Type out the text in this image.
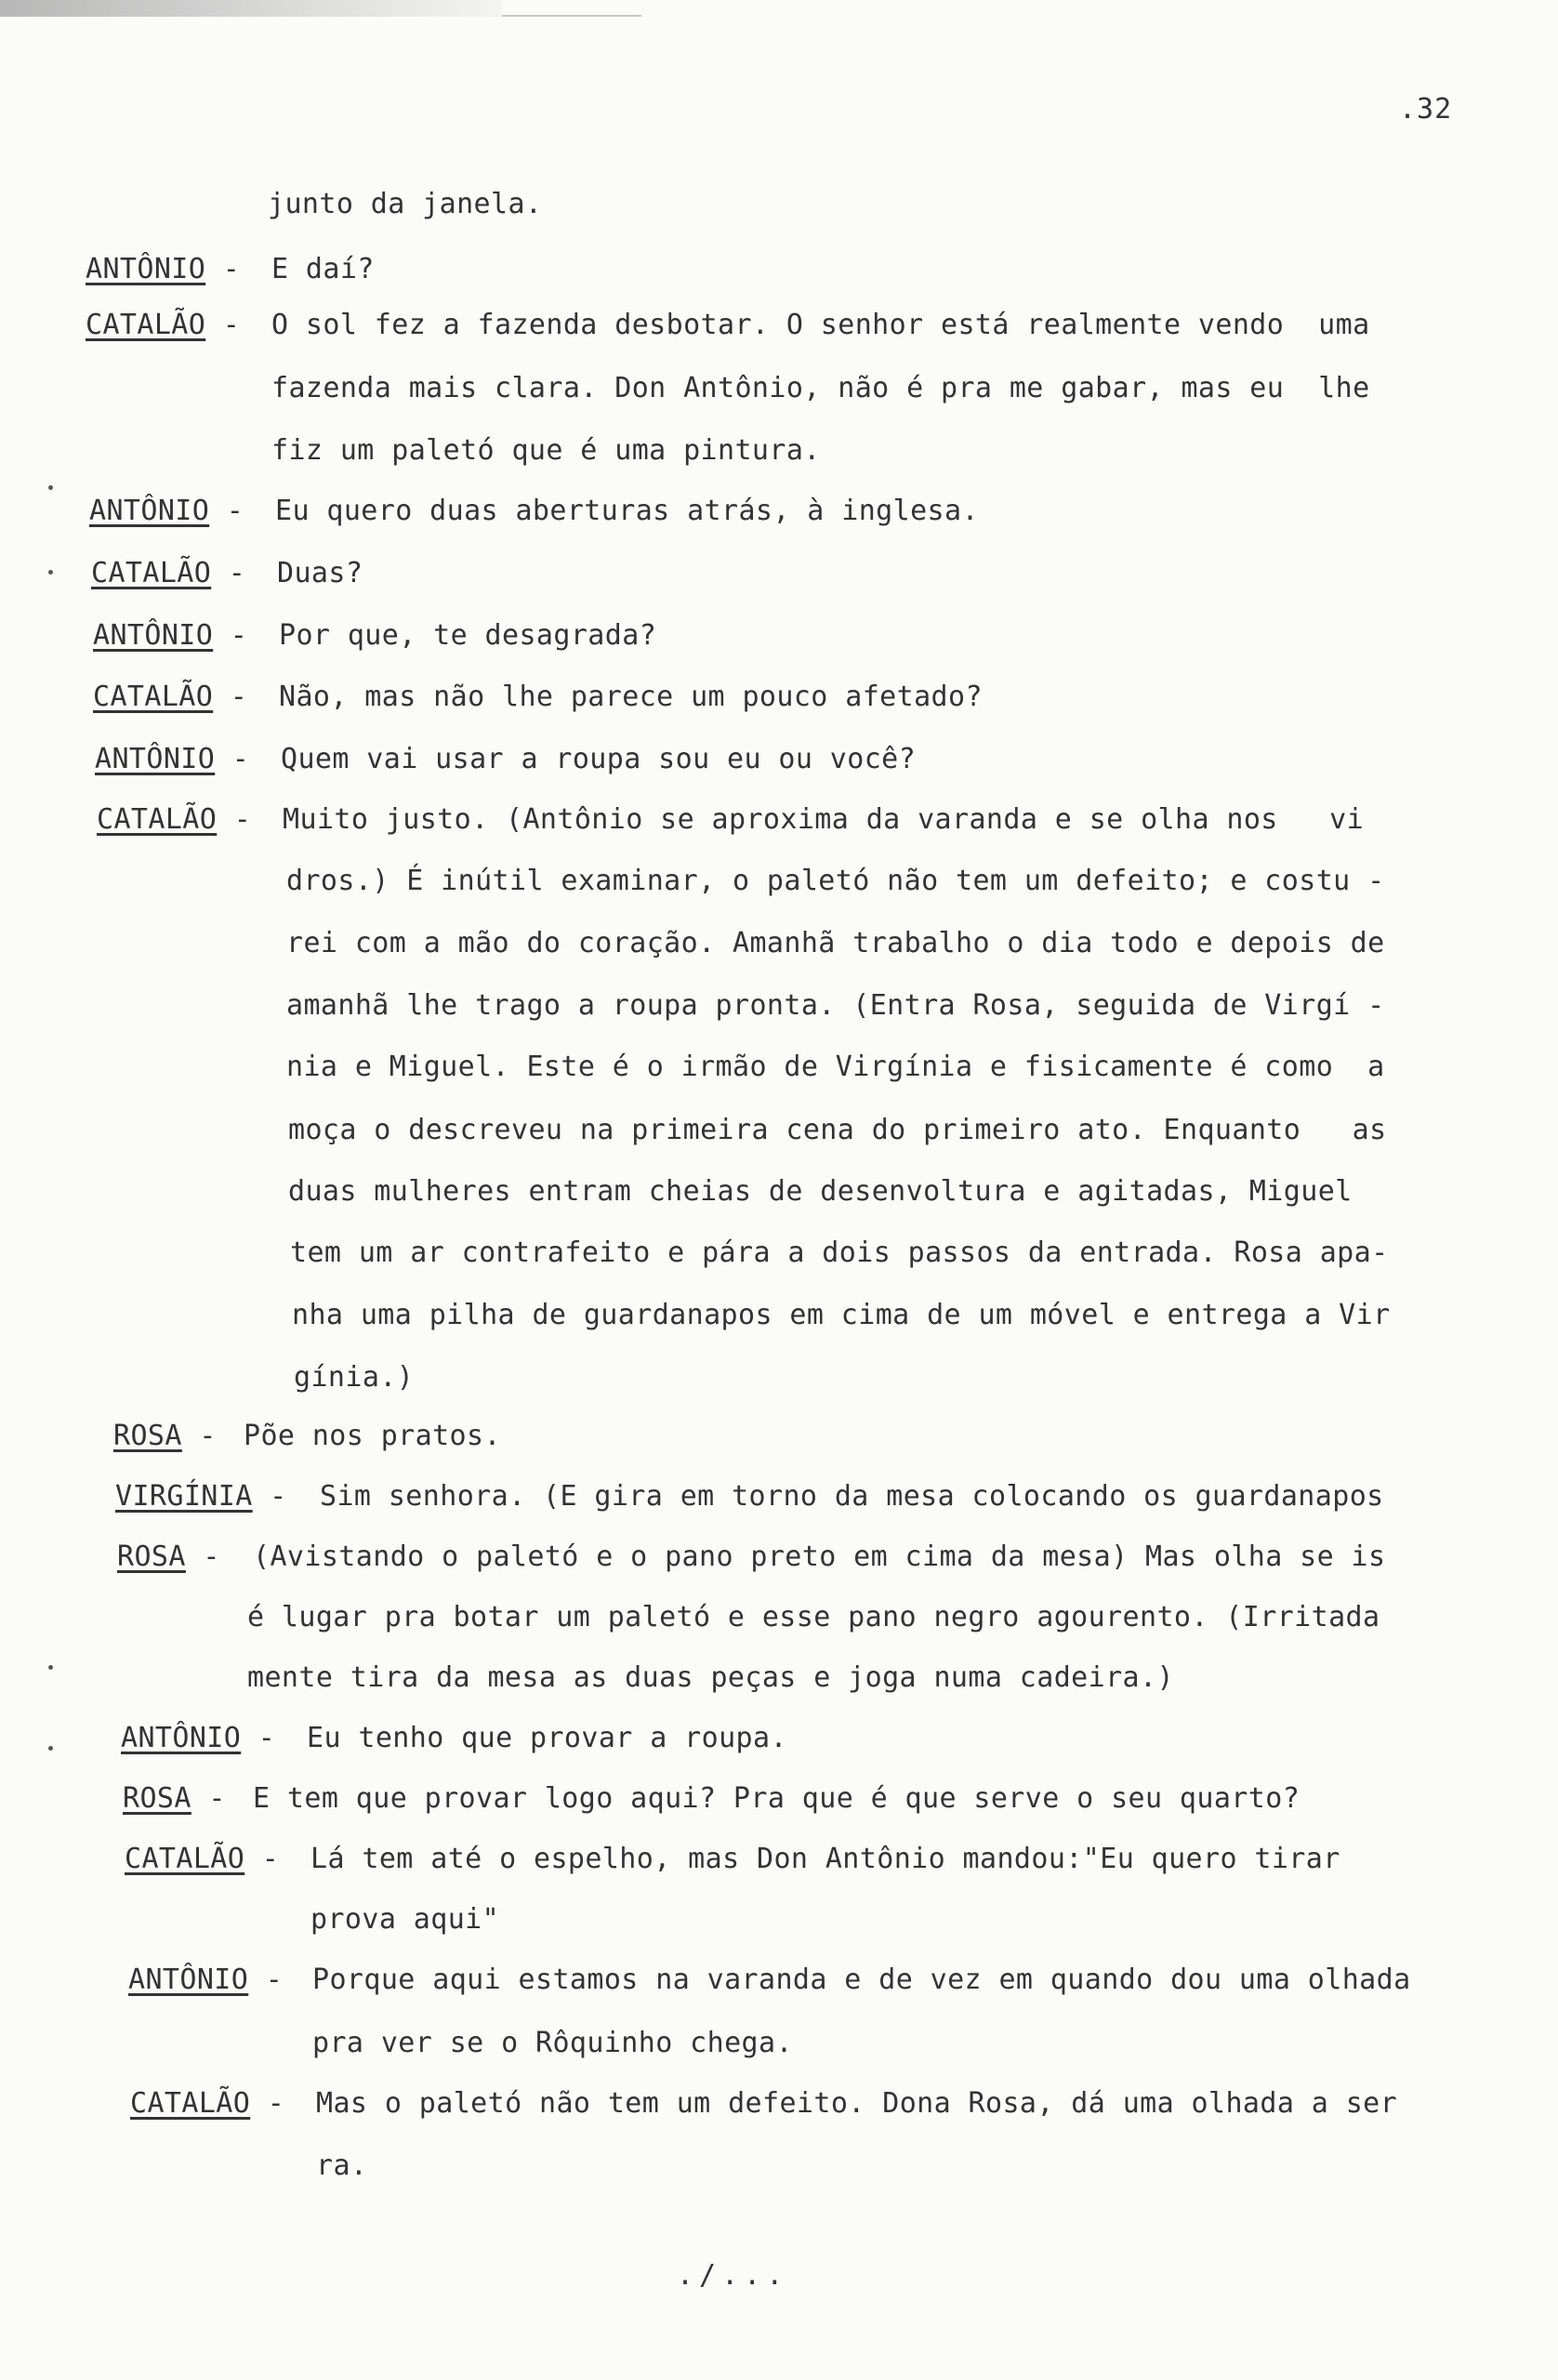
.32
junto da janela.
ANTÔNIO - E daí?
CATALÃO - O sol fez a fazenda desbotar. O senhor está realmente vendo  uma
fazenda mais clara. Don Antônio, não é pra me gabar, mas eu  lhe
fiz um paletó que é uma pintura.
ANTÔNIO - Eu quero duas aberturas atrás, à inglesa.
CATALÃO - Duas?
ANTÔNIO - Por que, te desagrada?
CATALÃO - Não, mas não lhe parece um pouco afetado?
ANTÔNIO - Quem vai usar a roupa sou eu ou você?
CATALÃO - Muito justo. (Antônio se aproxima da varanda e se olha nos   vi
dros.) É inútil examinar, o paletó não tem um defeito; e costu -
rei com a mão do coração. Amanhã trabalho o dia todo e depois de
amanhã lhe trago a roupa pronta. (Entra Rosa, seguida de Virgí -
nia e Miguel. Este é o irmão de Virgínia e fisicamente é como  a
moça o descreveu na primeira cena do primeiro ato. Enquanto   as
duas mulheres entram cheias de desenvoltura e agitadas, Miguel
tem um ar contrafeito e pára a dois passos da entrada. Rosa apa-
nha uma pilha de guardanapos em cima de um móvel e entrega a Vir
gínia.)
ROSA - Põe nos pratos.
VIRGÍNIA - Sim senhora. (E gira em torno da mesa colocando os guardanapos
ROSA - (Avistando o paletó e o pano preto em cima da mesa) Mas olha se is
é lugar pra botar um paletó e esse pano negro agourento. (Irritada
mente tira da mesa as duas peças e joga numa cadeira.)
ANTÔNIO - Eu tenho que provar a roupa.
ROSA - E tem que provar logo aqui? Pra que é que serve o seu quarto?
CATALÃO - Lá tem até o espelho, mas Don Antônio mandou:"Eu quero tirar
prova aqui"
ANTÔNIO - Porque aqui estamos na varanda e de vez em quando dou uma olhada
pra ver se o Rôquinho chega.
CATALÃO - Mas o paletó não tem um defeito. Dona Rosa, dá uma olhada a ser
ra.
./...
